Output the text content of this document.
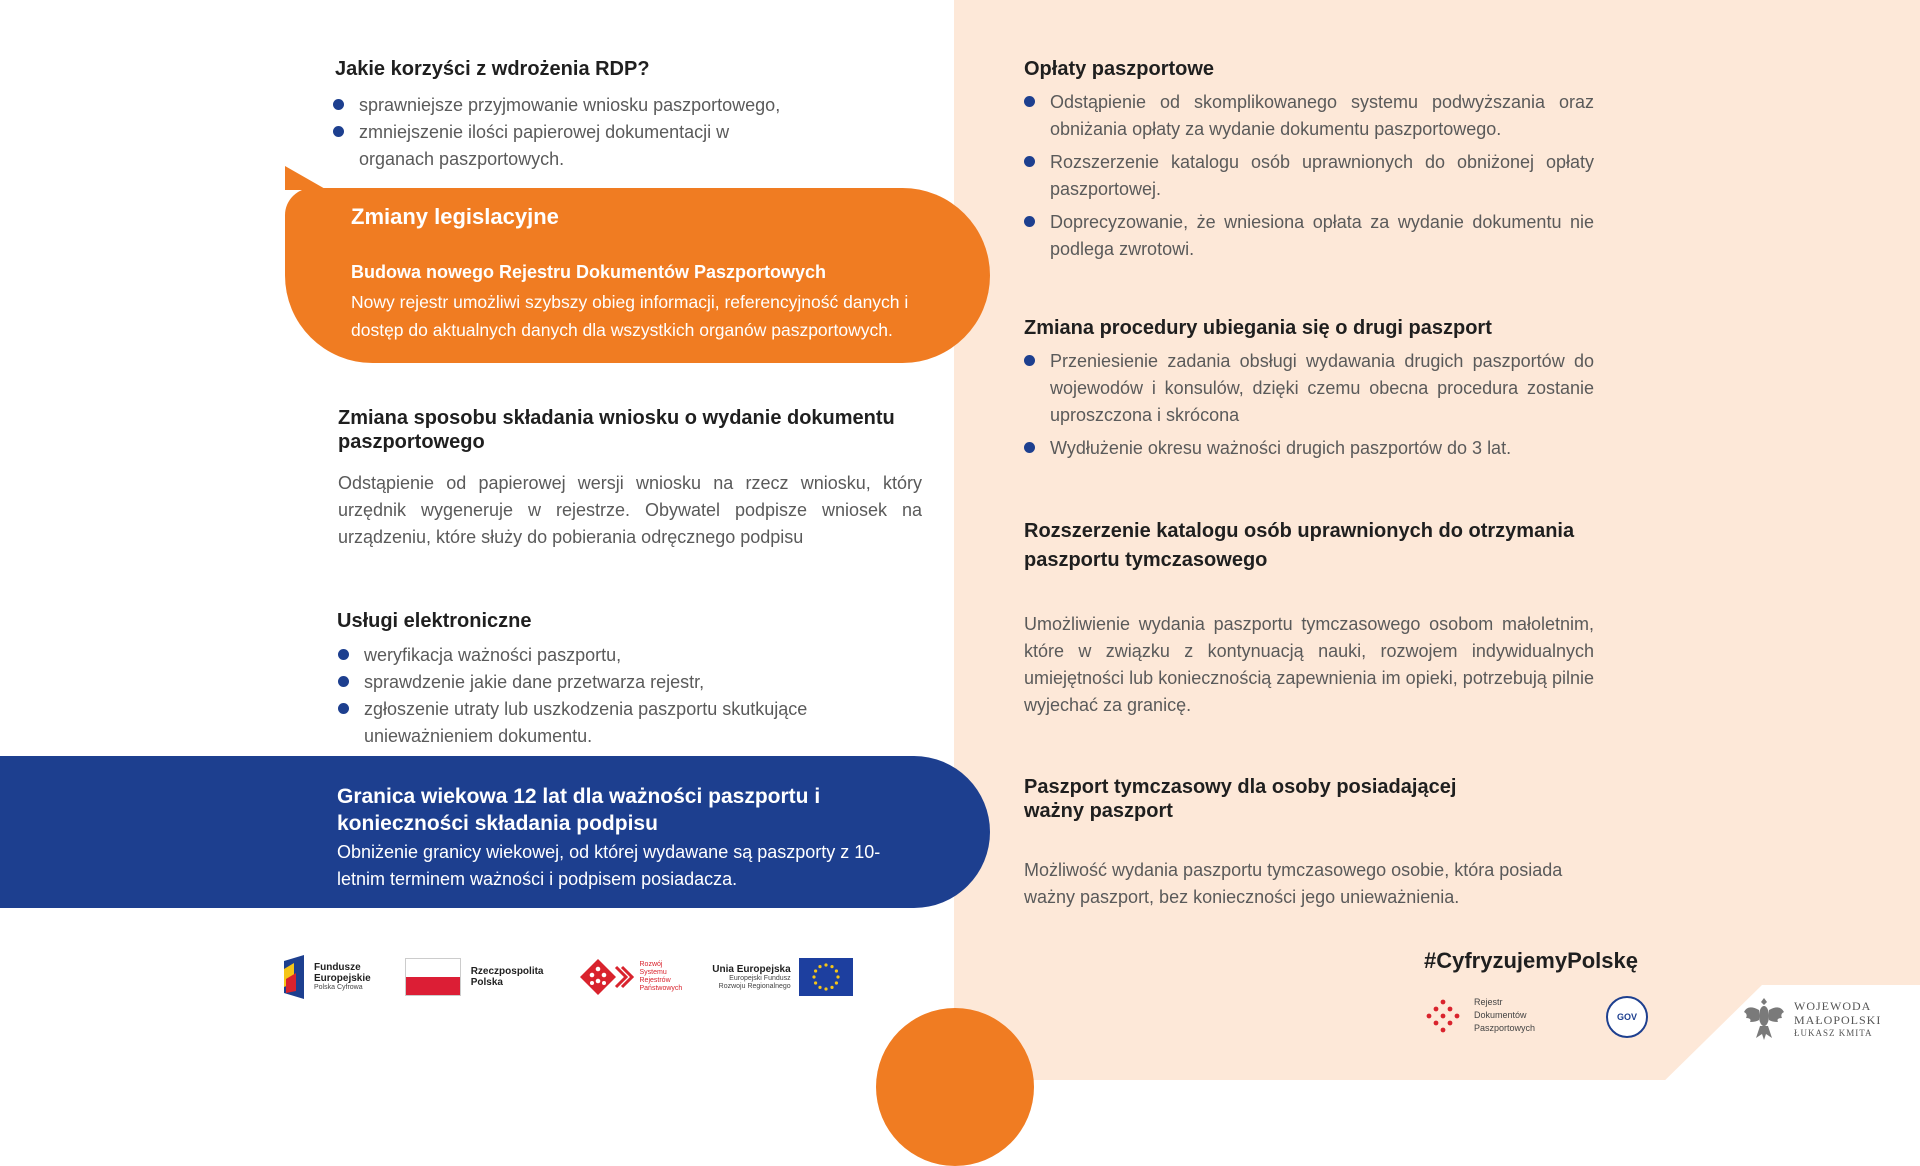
Jakie korzyści z wdrożenia RDP?
sprawniejsze przyjmowanie wniosku paszportowego,
zmniejszenie ilości papierowej dokumentacji w organach paszportowych.
Zmiany legislacyjne
Budowa nowego Rejestru Dokumentów Paszportowych
Nowy rejestr umożliwi szybszy obieg informacji, referencyjność danych i dostęp do aktualnych danych dla wszystkich organów paszportowych.
Zmiana sposobu składania wniosku o wydanie dokumentu paszportowego
Odstąpienie od papierowej wersji wniosku na rzecz wniosku, który urzędnik wygeneruje w rejestrze. Obywatel podpisze wniosek na urządzeniu, które służy do pobierania odręcznego podpisu
Usługi elektroniczne
weryfikacja ważności paszportu,
sprawdzenie jakie dane przetwarza rejestr,
zgłoszenie utraty lub uszkodzenia paszportu skutkujące unieważnieniem dokumentu.
Granica wiekowa 12 lat dla ważności paszportu i konieczności składania podpisu
Obniżenie granicy wiekowej, od której wydawane są paszporty z 10-letnim terminem ważności i podpisem posiadacza.
Fundusze
Europejskie
Polska Cyfrowa
Rzeczpospolita
Polska
Rozwój
Systemu
Rejestrów
Państwowych
Unia Europejska
Europejski Fundusz
Rozwoju Regionalnego
Opłaty paszportowe
Odstąpienie od skomplikowanego systemu podwyższania oraz obniżania opłaty za wydanie dokumentu paszportowego.
Rozszerzenie katalogu osób uprawnionych do obniżonej opłaty paszportowej.
Doprecyzowanie, że wniesiona opłata za wydanie dokumentu nie podlega zwrotowi.
Zmiana procedury ubiegania się o drugi paszport
Przeniesienie zadania obsługi wydawania drugich paszportów do wojewodów i konsulów, dzięki czemu obecna procedura zostanie uproszczona i skrócona
Wydłużenie okresu ważności drugich paszportów do 3 lat.
Rozszerzenie katalogu osób uprawnionych do otrzymania paszportu tymczasowego
Umożliwienie wydania paszportu tymczasowego osobom małoletnim, które w związku z kontynuacją nauki, rozwojem indywidualnych umiejętności lub koniecznością zapewnienia im opieki, potrzebują pilnie wyjechać za granicę.
Paszport tymczasowy dla osoby posiadającej ważny paszport
Możliwość wydania paszportu tymczasowego osobie, która posiada ważny paszport, bez konieczności jego unieważnienia.
#CyfryzujemyPolskę
Rejestr
Dokumentów
Paszportowych
GOV
WOJEWODA
MAŁOPOLSKI
ŁUKASZ KMITA
